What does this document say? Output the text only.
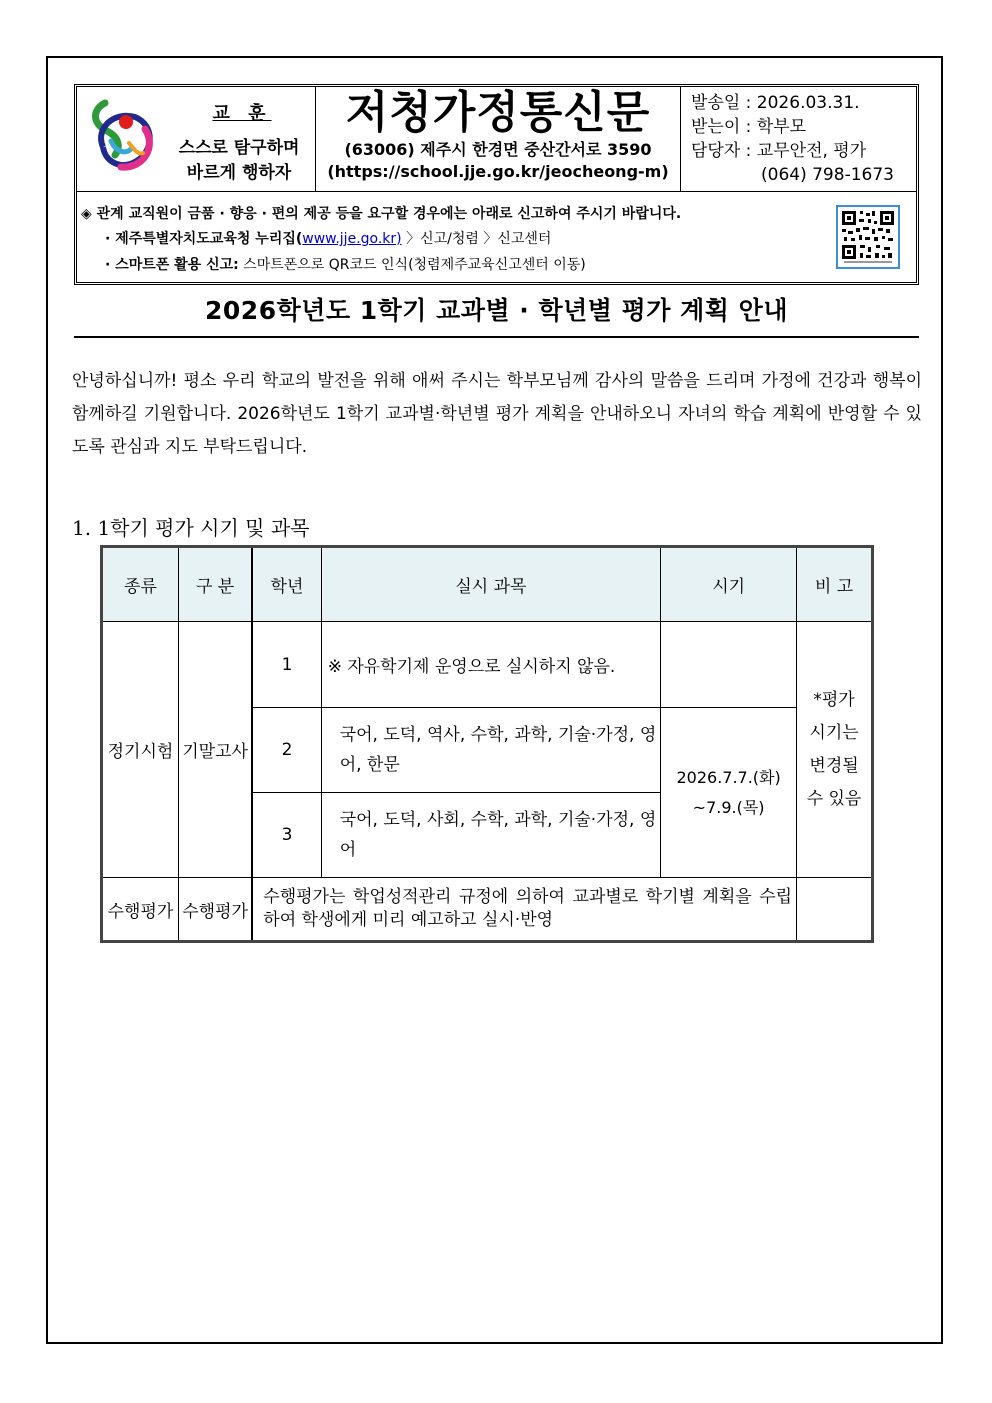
교 훈
스스로 탐구하며
바르게 행하자
저청가정통신문
(63006) 제주시 한경면 중산간서로 3590
(https://school.jje.go.kr/jeocheong-m)
발송일 : 2026.03.31.
받는이 : 학부모
담당자 : 교무안전, 평가
(064) 798-1673
◈ 관계 교직원이 금품 · 향응 · 편의 제공 등을 요구할 경우에는 아래로 신고하여 주시기 바랍니다.
· 제주특별자치도교육청 누리집(www.jje.go.kr) 〉신고/청렴 〉신고센터
· 스마트폰 활용 신고: 스마트폰으로 QR코드 인식(청렴제주교육신고센터 이동)
2026학년도 1학기 교과별 · 학년별 평가 계획 안내
안녕하십니까! 평소 우리 학교의 발전을 위해 애써 주시는 학부모님께 감사의 말씀을 드리며 가정에 건강과 행복이 함께하길 기원합니다. 2026학년도 1학기 교과별·학년별 평가 계획을 안내하오니 자녀의 학습 계획에 반영할 수 있도록 관심과 지도 부탁드립니다.
1. 1학기 평가 시기 및 과목
종류	구 분	학년	실시 과목	시기	비 고
정기시험	기말고사	1	※ 자유학기제 운영으로 실시하지 않음.		*평가
시기는
변경될
수 있음

		2	국어, 도덕, 역사, 수학, 과학, 기술·가정, 영어, 한문	2026.7.7.(화)
~7.9.(목)	

		3	국어, 도덕, 사회, 수학, 과학, 기술·가정, 영어		
수행평가	수행평가	수행평가는 학업성적관리 규정에 의하여 교과별로 학기별 계획을 수립하여 학생에게 미리 예고하고 실시·반영			
